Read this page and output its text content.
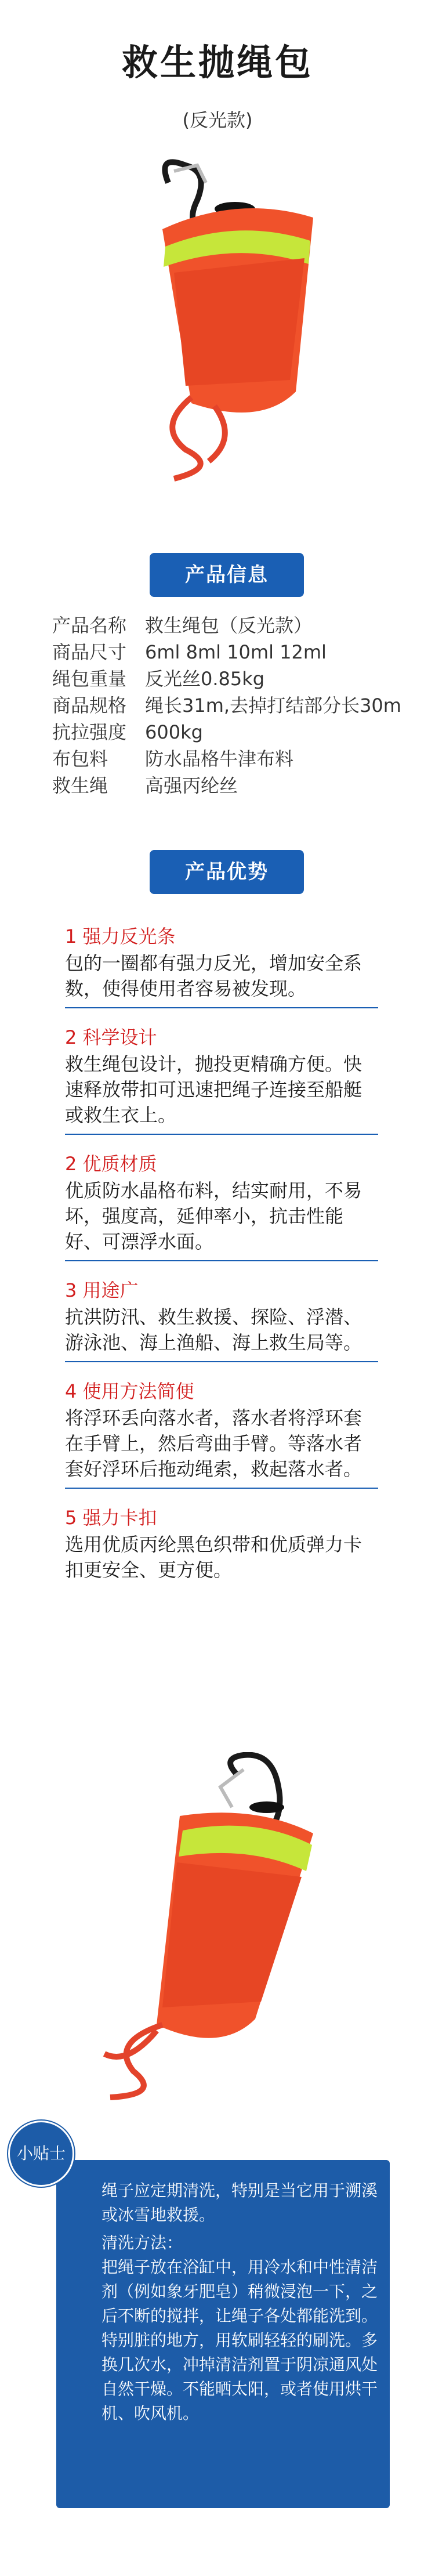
救生抛绳包
(反光款)
产品信息
产品名称 救生绳包（反光款）
商品尺寸 6ml 8ml 10ml 12ml
绳包重量 反光丝0.85kg
商品规格 绳长31m,去掉打结部分长30m
抗拉强度 600kg
布包料	防水晶格牛津布料
救生绳	高强丙纶丝
产品优势
1 强力反光条
包的一圈都有强力反光，增加安全系数，使得使用者容易被发现。
2 科学设计
救生绳包设计，抛投更精确方便。快速释放带扣可迅速把绳子连接至船艇或救生衣上。
2 优质材质
优质防水晶格布料，结实耐用，不易坏，强度高，延伸率小，抗击性能好、可漂浮水面。
3 用途广
抗洪防汛、救生救援、探险、浮潜、游泳池、海上渔船、海上救生局等。
4 使用方法简便
将浮环丢向落水者，落水者将浮环套在手臂上，然后弯曲手臂。等落水者套好浮环后拖动绳索，救起落水者。
5 强力卡扣
选用优质丙纶黑色织带和优质弹力卡扣更安全、更方便。
小贴士

绳子应定期清洗，特别是当它用于溯溪或冰雪地救援。

清洗方法：

把绳子放在浴缸中，用冷水和中性清洁剂（例如象牙肥皂）稍微浸泡一下，之后不断的搅拌，让绳子各处都能洗到。特别脏的地方，用软刷轻轻的刷洗。多换几次水，冲掉清洁剂置于阴凉通风处自然干燥。不能晒太阳，或者使用烘干机、吹风机。
